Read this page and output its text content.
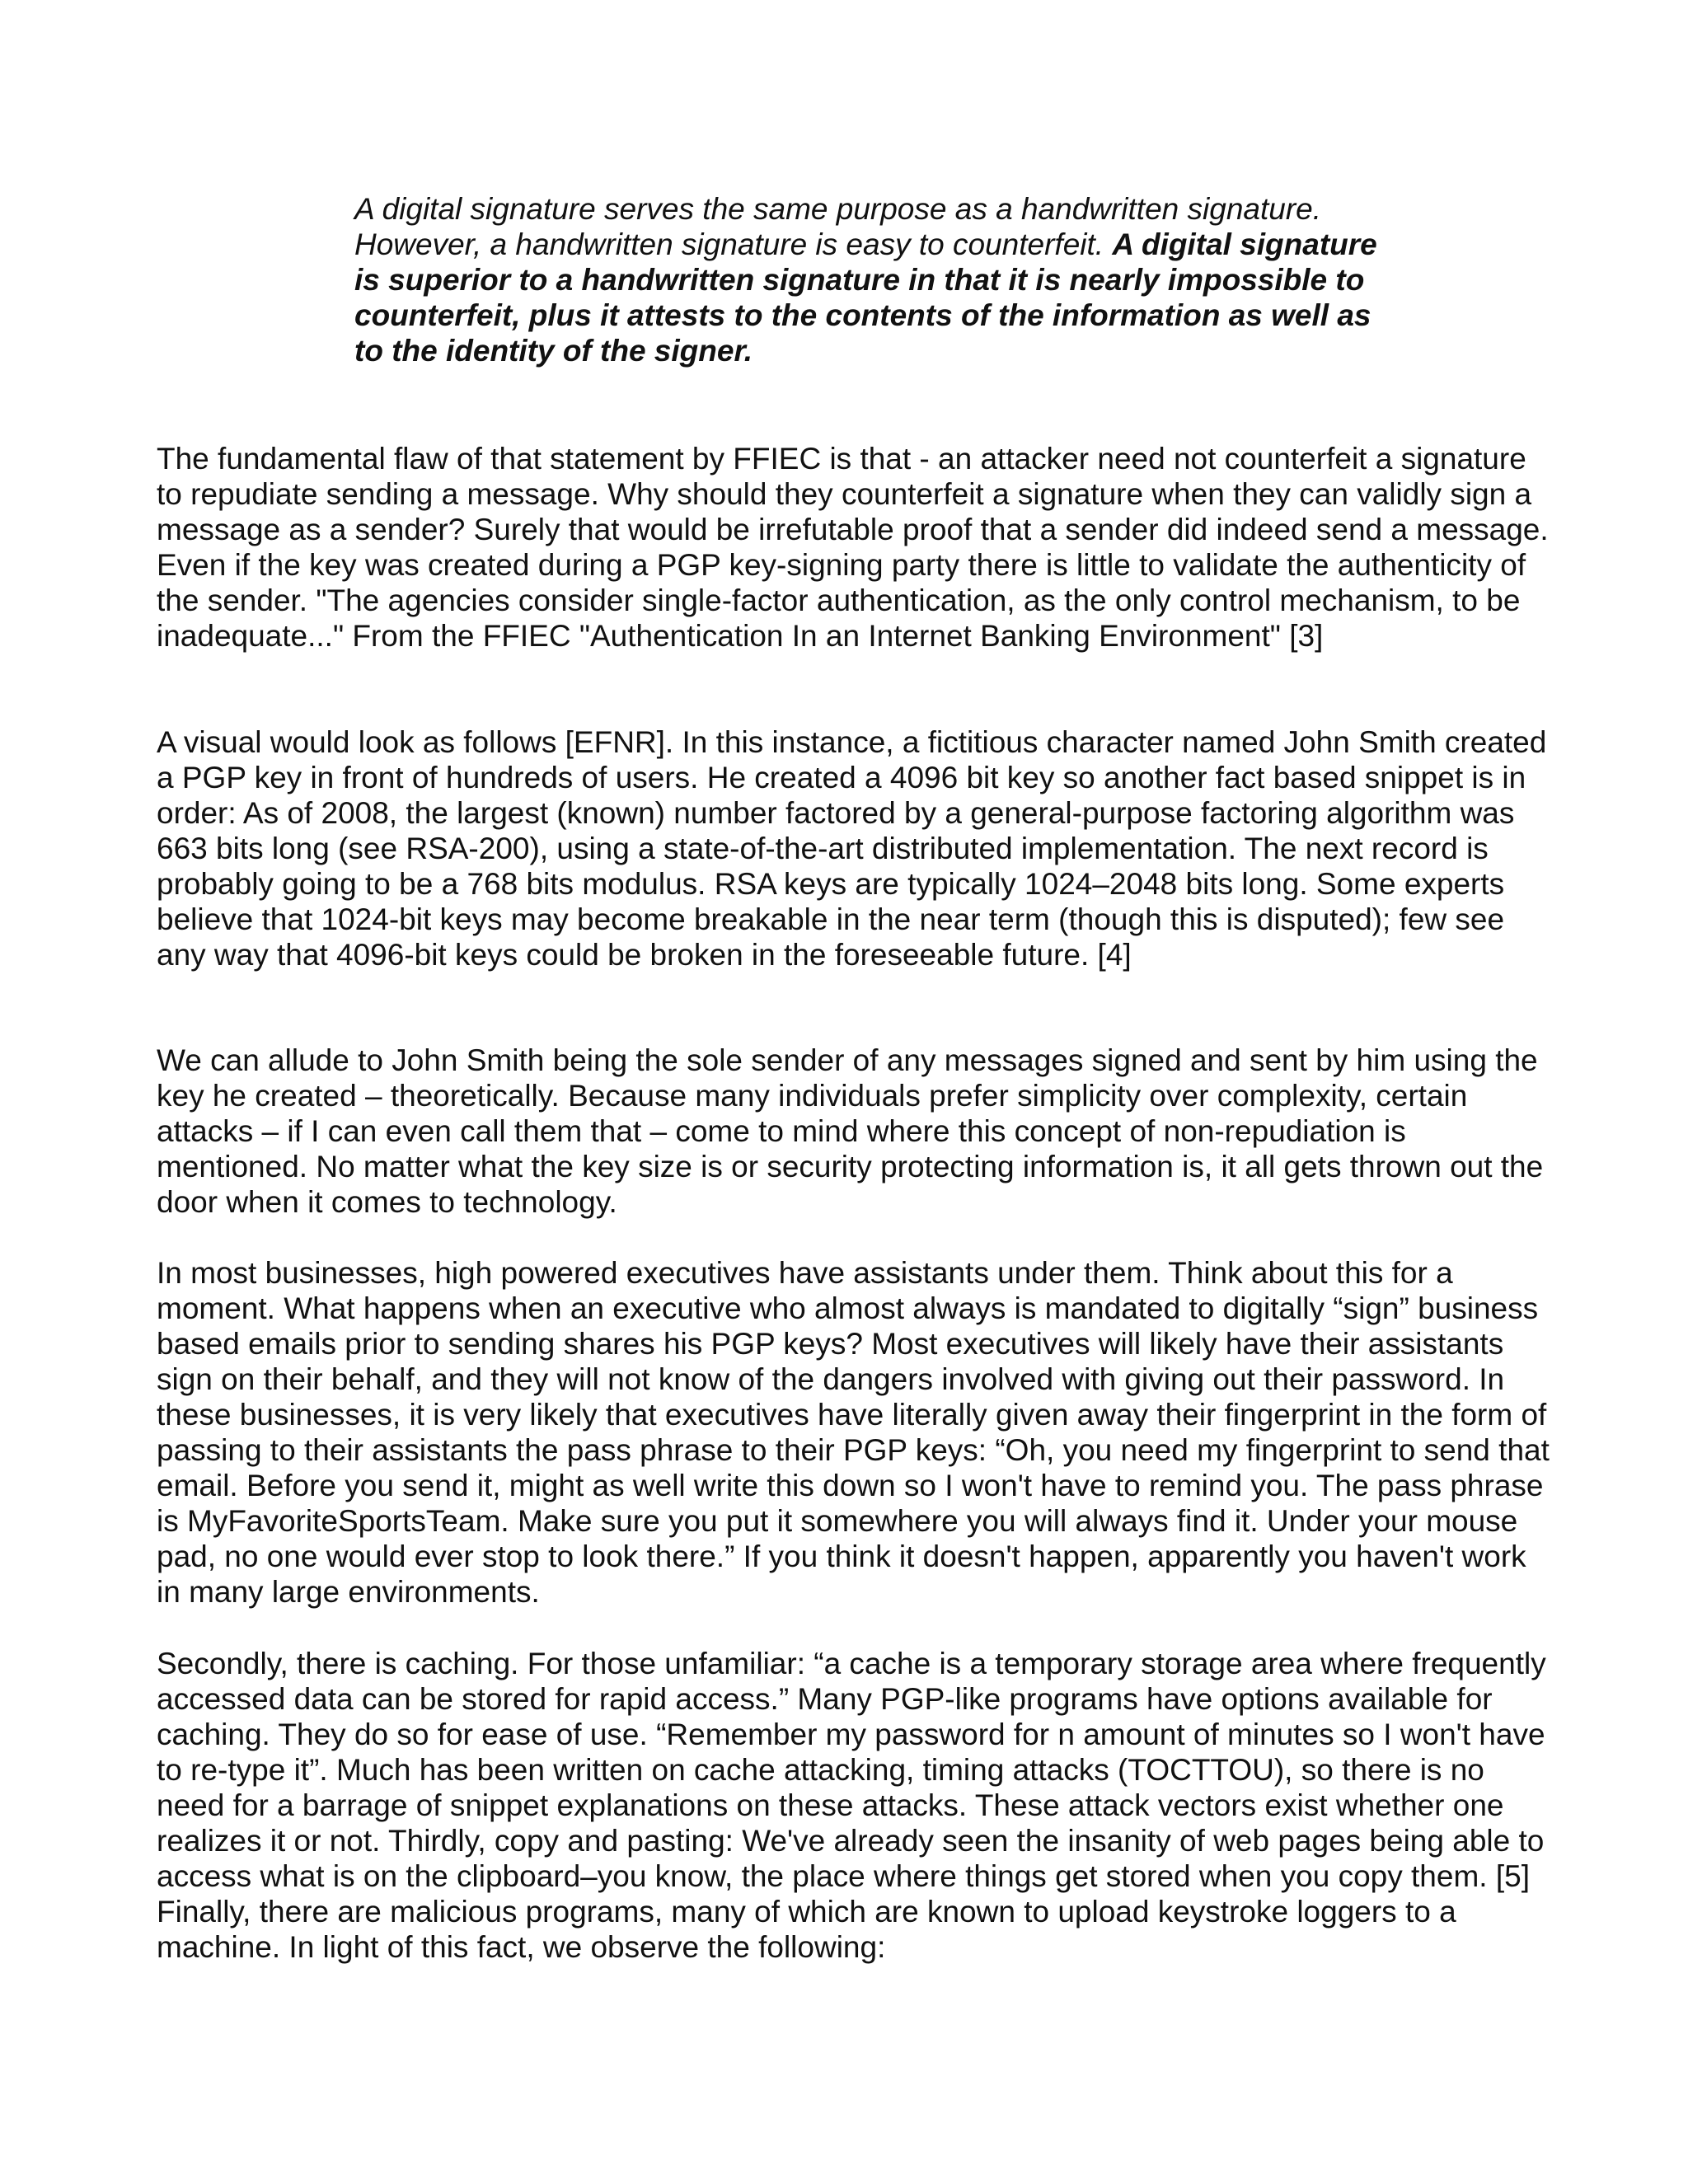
A digital signature serves the same purpose as a handwritten signature. However, a handwritten signature is easy to counterfeit. A digital signature is superior to a handwritten signature in that it is nearly impossible to counterfeit, plus it attests to the contents of the information as well as to the identity of the signer.

The fundamental flaw of that statement by FFIEC is that - an attacker need not counterfeit a signature to repudiate sending a message. Why should they counterfeit a signature when they can validly sign a message as a sender? Surely that would be irrefutable proof that a sender did indeed send a message. Even if the key was created during a PGP key-signing party there is little to validate the authenticity of the sender. "The agencies consider single-factor authentication, as the only control mechanism, to be inadequate..." From the FFIEC "Authentication In an Internet Banking Environment" [3]

A visual would look as follows [EFNR]. In this instance, a fictitious character named John Smith created a PGP key in front of hundreds of users. He created a 4096 bit key so another fact based snippet is in order: As of 2008, the largest (known) number factored by a general-purpose factoring algorithm was 663 bits long (see RSA-200), using a state-of-the-art distributed implementation. The next record is probably going to be a 768 bits modulus. RSA keys are typically 1024–2048 bits long. Some experts believe that 1024-bit keys may become breakable in the near term (though this is disputed); few see any way that 4096-bit keys could be broken in the foreseeable future. [4]

We can allude to John Smith being the sole sender of any messages signed and sent by him using the key he created – theoretically. Because many individuals prefer simplicity over complexity, certain attacks – if I can even call them that – come to mind where this concept of non-repudiation is mentioned. No matter what the key size is or security protecting information is, it all gets thrown out the door when it comes to technology.

In most businesses, high powered executives have assistants under them. Think about this for a moment. What happens when an executive who almost always is mandated to digitally “sign” business based emails prior to sending shares his PGP keys? Most executives will likely have their assistants sign on their behalf, and they will not know of the dangers involved with giving out their password. In these businesses, it is very likely that executives have literally given away their fingerprint in the form of passing to their assistants the pass phrase to their PGP keys: “Oh, you need my fingerprint to send that email. Before you send it, might as well write this down so I won't have to remind you. The pass phrase is MyFavoriteSportsTeam. Make sure you put it somewhere you will always find it. Under your mouse pad, no one would ever stop to look there.” If you think it doesn't happen, apparently you haven't work in many large environments.

Secondly, there is caching. For those unfamiliar: “a cache is a temporary storage area where frequently accessed data can be stored for rapid access.” Many PGP-like programs have options available for caching. They do so for ease of use. “Remember my password for n amount of minutes so I won't have to re-type it”. Much has been written on cache attacking, timing attacks (TOCTTOU), so there is no need for a barrage of snippet explanations on these attacks. These attack vectors exist whether one realizes it or not. Thirdly, copy and pasting: We've already seen the insanity of web pages being able to access what is on the clipboard–you know, the place where things get stored when you copy them. [5] Finally, there are malicious programs, many of which are known to upload keystroke loggers to a machine. In light of this fact, we observe the following:
